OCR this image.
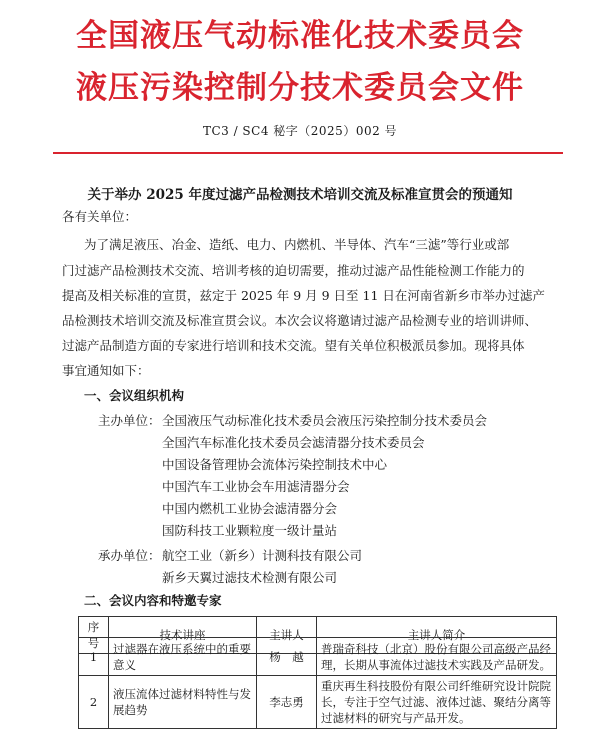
全国液压气动标准化技术委员会
液压污染控制分技术委员会文件
TC3 / SC4 秘字（2025）002 号
关于举办 2025 年度过滤产品检测技术培训交流及标准宣贯会的预通知
各有关单位：
为了满足液压、冶金、造纸、电力、内燃机、半导体、汽车“三滤”等行业或部
门过滤产品检测技术交流、培训考核的迫切需要，推动过滤产品性能检测工作能力的
提高及相关标准的宣贯，兹定于 2025 年 9 月 9 日至 11 日在河南省新乡市举办过滤产
品检测技术培训交流及标准宣贯会议。本次会议将邀请过滤产品检测专业的培训讲师、
过滤产品制造方面的专家进行培训和技术交流。望有关单位积极派员参加。现将具体
事宜通知如下：
一、会议组织机构
主办单位： 全国液压气动标准化技术委员会液压污染控制分技术委员会
全国汽车标准化技术委员会滤清器分技术委员会
中国设备管理协会流体污染控制技术中心
中国汽车工业协会车用滤清器分会
中国内燃机工业协会滤清器分会
国防科技工业颗粒度一级计量站
承办单位： 航空工业（新乡）计测科技有限公司
新乡天翼过滤技术检测有限公司
二、会议内容和特邀专家
序号	技术讲座	主讲人	主讲人简介
1	过滤器在液压系统中的重要意义	杨　越	普瑞奇科技（北京）股份有限公司高级产品经理，长期从事流体过滤技术实践及产品研发。
2	液压流体过滤材料特性与发展趋势	李志勇	重庆再生科技股份有限公司纤维研究设计院院长，专注于空气过滤、液体过滤、聚结分离等过滤材料的研究与产品开发。
